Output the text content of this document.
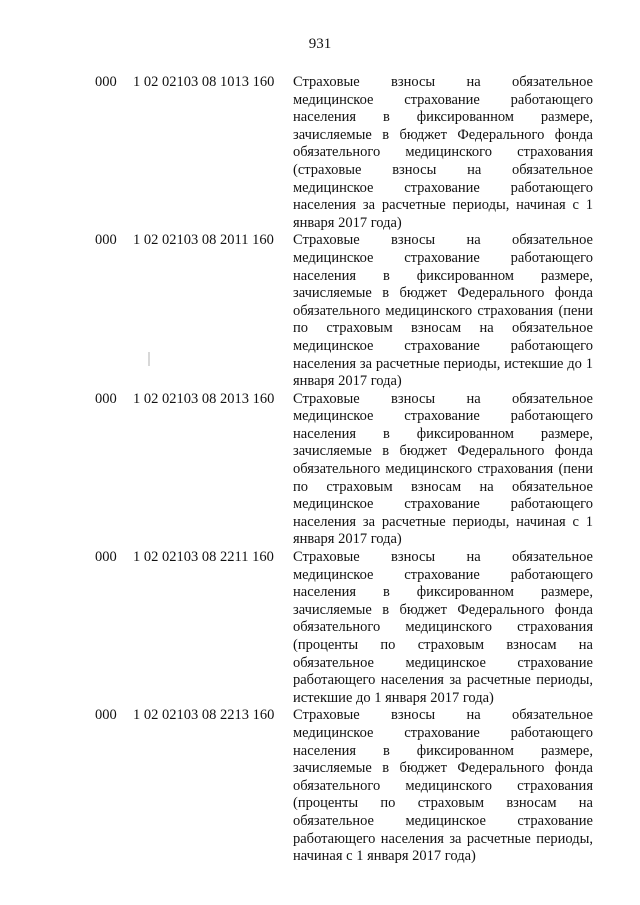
931
000 1 02 02103 08 1013 160 Страховые взносы на обязательное медицинское страхование работающего населения в фиксированном размере, зачисляемые в бюджет Федерального фонда обязательного медицинского страхования (страховые взносы на обязательное медицинское страхование работающего населения за расчетные периоды, начиная с 1 января 2017 года)
000 1 02 02103 08 2011 160 Страховые взносы на обязательное медицинское страхование работающего населения в фиксированном размере, зачисляемые в бюджет Федерального фонда обязательного медицинского страхования (пени по страховым взносам на обязательное медицинское страхование работающего населения за расчетные периоды, истекшие до 1 января 2017 года)
000 1 02 02103 08 2013 160 Страховые взносы на обязательное медицинское страхование работающего населения в фиксированном размере, зачисляемые в бюджет Федерального фонда обязательного медицинского страхования (пени по страховым взносам на обязательное медицинское страхование работающего населения за расчетные периоды, начиная с 1 января 2017 года)
000 1 02 02103 08 2211 160 Страховые взносы на обязательное медицинское страхование работающего населения в фиксированном размере, зачисляемые в бюджет Федерального фонда обязательного медицинского страхования (проценты по страховым взносам на обязательное медицинское страхование работающего населения за расчетные периоды, истекшие до 1 января 2017 года)
000 1 02 02103 08 2213 160 Страховые взносы на обязательное медицинское страхование работающего населения в фиксированном размере, зачисляемые в бюджет Федерального фонда обязательного медицинского страхования (проценты по страховым взносам на обязательное медицинское страхование работающего населения за расчетные периоды, начиная с 1 января 2017 года)
